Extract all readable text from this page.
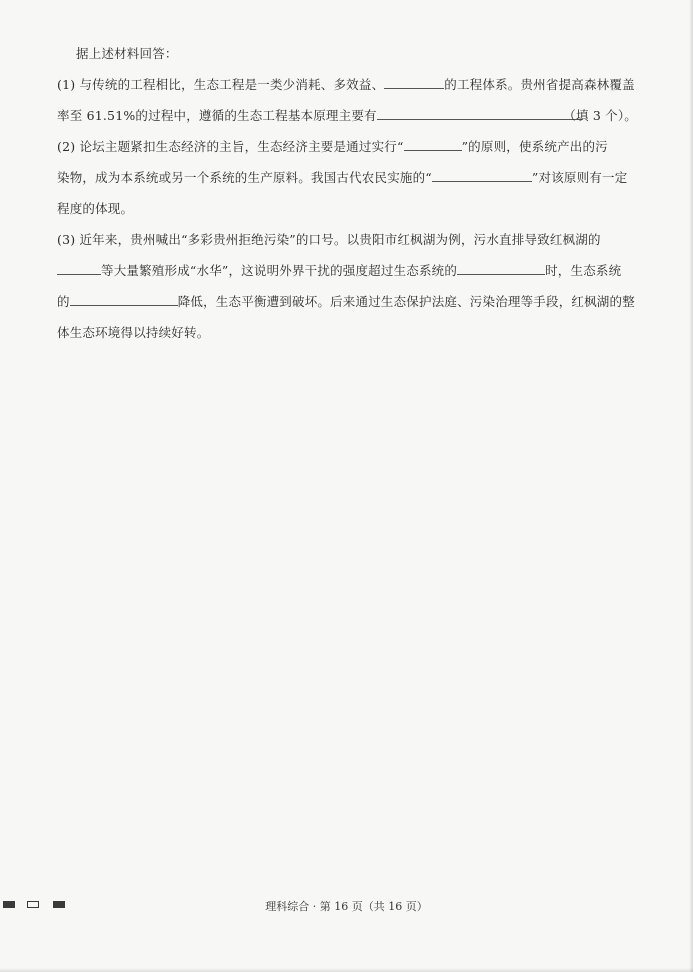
据上述材料回答：
(1) 与传统的工程相比，生态工程是一类少消耗、多效益、	的工程体系。贵州省提高森林覆盖
率至 61.51%的过程中，遵循的生态工程基本原理主要有	（填 3 个）。
(2) 论坛主题紧扣生态经济的主旨，生态经济主要是通过实行“	”的原则，使系统产出的污
染物，成为本系统或另一个系统的生产原料。我国古代农民实施的“	”对该原则有一定
程度的体现。
(3) 近年来，贵州喊出“多彩贵州拒绝污染”的口号。以贵阳市红枫湖为例，污水直排导致红枫湖的
等大量繁殖形成“水华”，这说明外界干扰的强度超过生态系统的	时，生态系统
的	降低，生态平衡遭到破坏。后来通过生态保护法庭、污染治理等手段，红枫湖的整
体生态环境得以持续好转。
理科综合 · 第 16 页（共 16 页）
